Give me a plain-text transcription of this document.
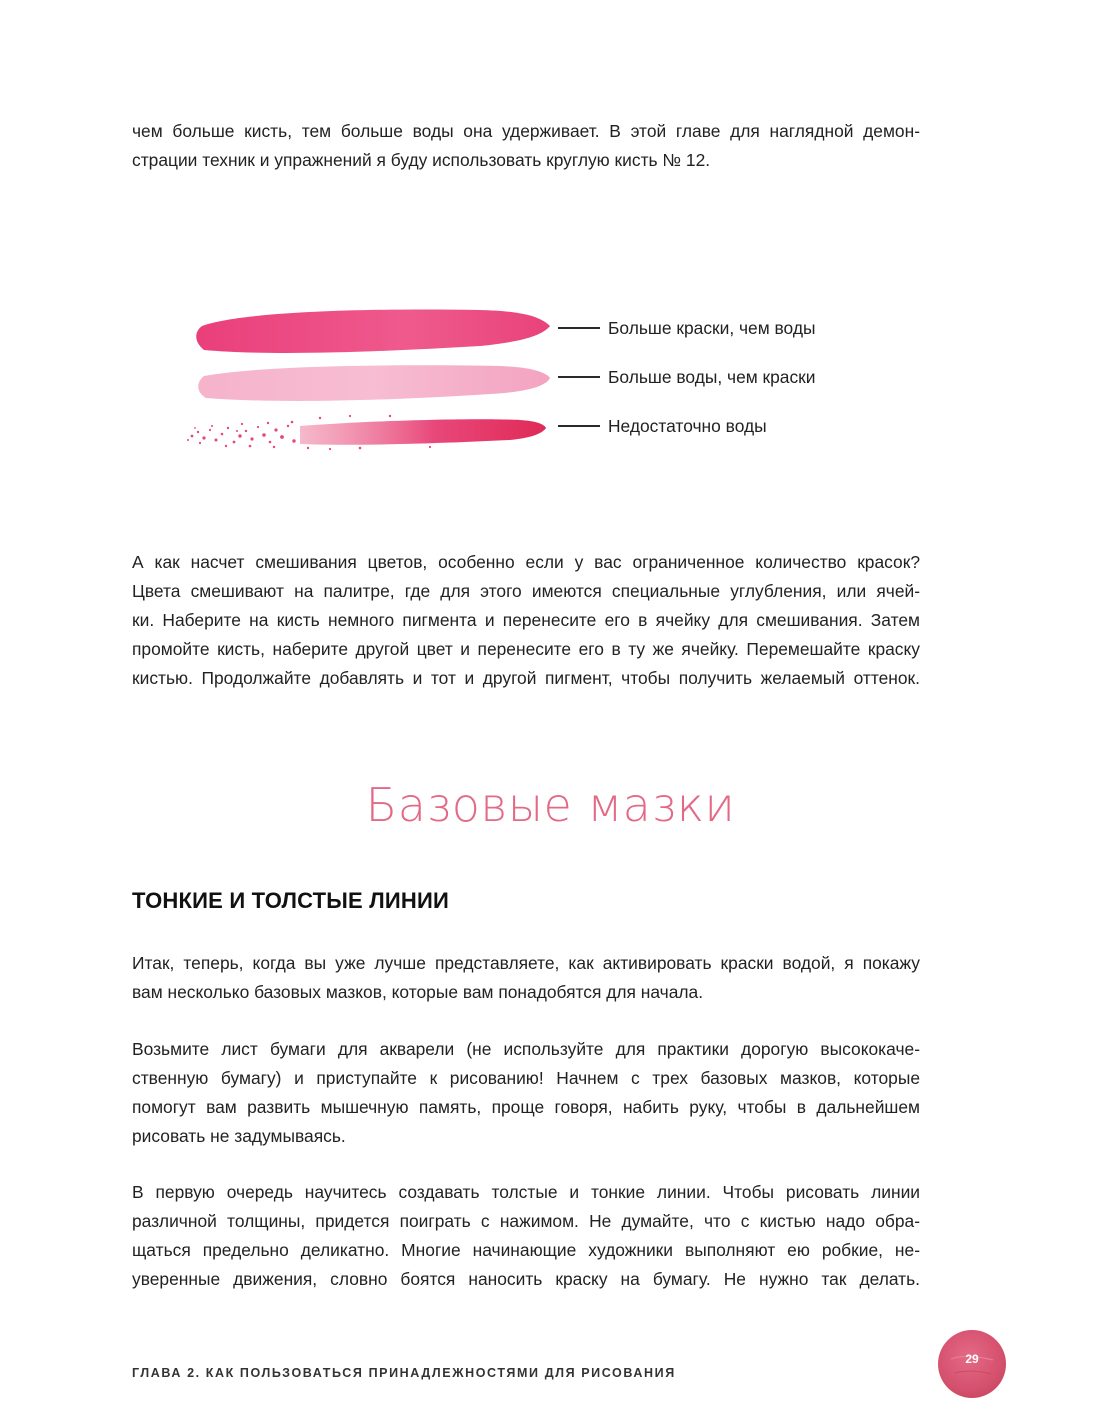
чем больше кисть, тем больше воды она удерживает. В этой главе для наглядной демон-
страции техник и упражнений я буду использовать круглую кисть № 12.
Больше краски, чем воды
Больше воды, чем краски
Недостаточно воды
А как насчет смешивания цветов, особенно если у вас ограниченное количество красок?
Цвета смешивают на палитре, где для этого имеются специальные углубления, или ячей-
ки. Наберите на кисть немного пигмента и перенесите его в ячейку для смешивания. Затем
промойте кисть, наберите другой цвет и перенесите его в ту же ячейку. Перемешайте краску
кистью. Продолжайте добавлять и тот и другой пигмент, чтобы получить желаемый оттенок.
Базовые мазки
ТОНКИЕ И ТОЛСТЫЕ ЛИНИИ
Итак, теперь, когда вы уже лучше представляете, как активировать краски водой, я покажу
вам несколько базовых мазков, которые вам понадобятся для начала.
Возьмите лист бумаги для акварели (не используйте для практики дорогую высококаче-
ственную бумагу) и приступайте к рисованию! Начнем с трех базовых мазков, которые
помогут вам развить мышечную память, проще говоря, набить руку, чтобы в дальнейшем
рисовать не задумываясь.
В первую очередь научитесь создавать толстые и тонкие линии. Чтобы рисовать линии
различной толщины, придется поиграть с нажимом. Не думайте, что с кистью надо обра-
щаться предельно деликатно. Многие начинающие художники выполняют ею робкие, не-
уверенные движения, словно боятся наносить краску на бумагу. Не нужно так делать.
ГЛАВА 2. КАК ПОЛЬЗОВАТЬСЯ ПРИНАДЛЕЖНОСТЯМИ ДЛЯ РИСОВАНИЯ
29
